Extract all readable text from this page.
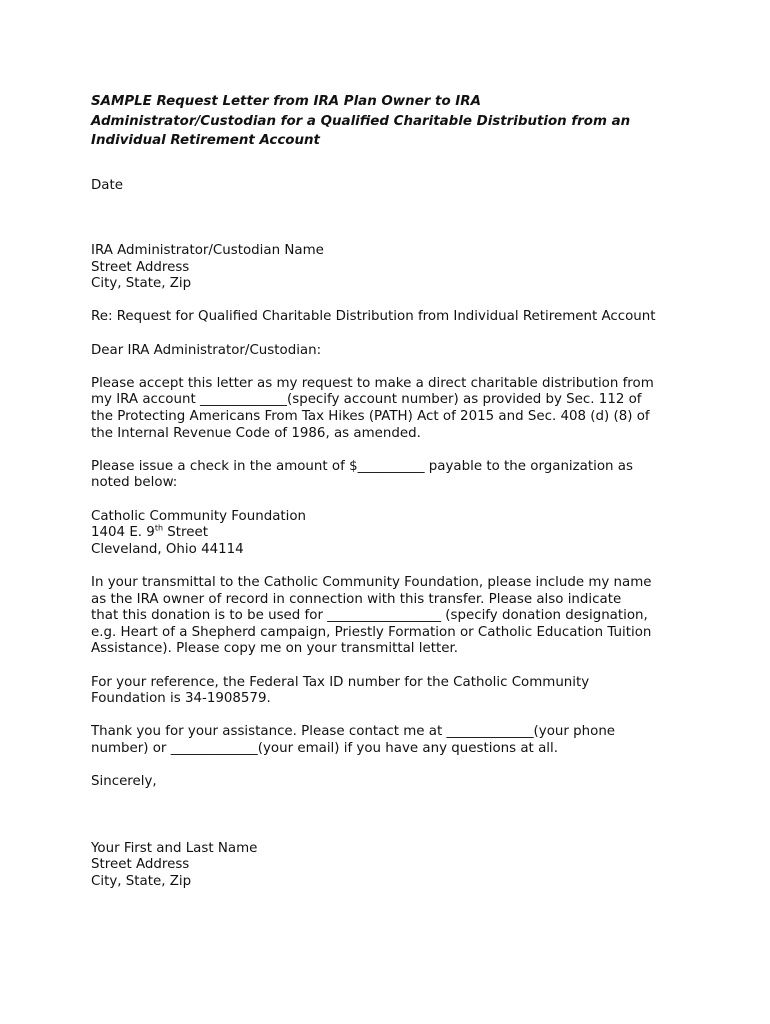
SAMPLE Request Letter from IRA Plan Owner to IRA
Administrator/Custodian for a Qualified Charitable Distribution from an
Individual Retirement Account
Date
IRA Administrator/Custodian Name
Street Address
City, State, Zip
Re: Request for Qualified Charitable Distribution from Individual Retirement Account
Dear IRA Administrator/Custodian:
Please accept this letter as my request to make a direct charitable distribution from
my IRA account _____________(specify account number) as provided by Sec. 112 of
the Protecting Americans From Tax Hikes (PATH) Act of 2015 and Sec. 408 (d) (8) of
the Internal Revenue Code of 1986, as amended.
Please issue a check in the amount of $__________ payable to the organization as
noted below:
Catholic Community Foundation
1404 E. 9th Street
Cleveland, Ohio 44114
In your transmittal to the Catholic Community Foundation, please include my name
as the IRA owner of record in connection with this transfer. Please also indicate
that this donation is to be used for _________________ (specify donation designation,
e.g. Heart of a Shepherd campaign, Priestly Formation or Catholic Education Tuition
Assistance). Please copy me on your transmittal letter.
For your reference, the Federal Tax ID number for the Catholic Community
Foundation is 34-1908579.
Thank you for your assistance. Please contact me at _____________(your phone
number) or _____________(your email) if you have any questions at all.
Sincerely,
Your First and Last Name
Street Address
City, State, Zip
